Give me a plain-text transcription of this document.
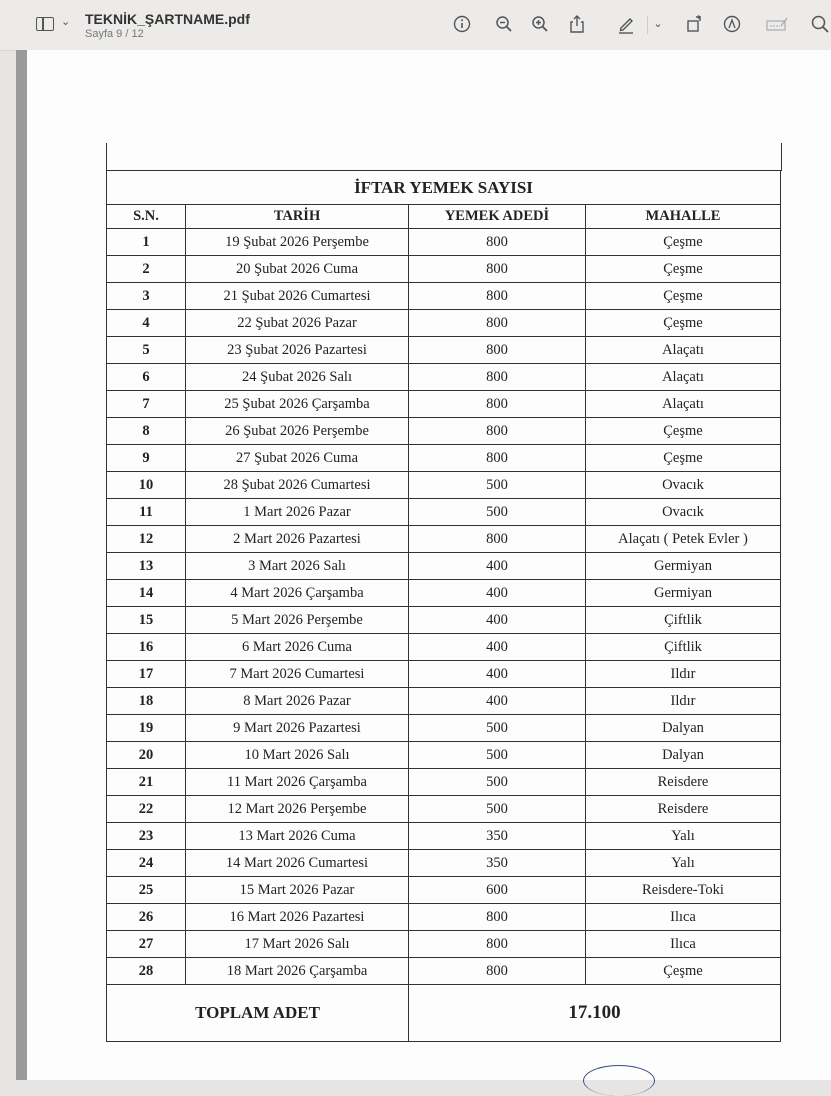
⌄ TEKNİK_ŞARTNAME.pdf
Sayfa 9 / 12
⌄
İFTAR YEMEK SAYISI			
S.N.	TARİH	YEMEK ADEDİ	MAHALLE
1	19 Şubat 2026 Perşembe	800	Çeşme
2	20 Şubat 2026 Cuma	800	Çeşme
3	21 Şubat 2026 Cumartesi	800	Çeşme
4	22 Şubat 2026 Pazar	800	Çeşme
5	23 Şubat 2026 Pazartesi	800	Alaçatı
6	24 Şubat 2026 Salı	800	Alaçatı
7	25 Şubat 2026 Çarşamba	800	Alaçatı
8	26 Şubat 2026 Perşembe	800	Çeşme
9	27 Şubat 2026 Cuma	800	Çeşme
10	28 Şubat 2026 Cumartesi	500	Ovacık
11	1 Mart 2026 Pazar	500	Ovacık
12	2 Mart 2026 Pazartesi	800	Alaçatı ( Petek Evler )
13	3 Mart 2026 Salı	400	Germiyan
14	4 Mart 2026 Çarşamba	400	Germiyan
15	5 Mart 2026 Perşembe	400	Çiftlik
16	6 Mart 2026 Cuma	400	Çiftlik
17	7 Mart 2026 Cumartesi	400	Ildır
18	8 Mart 2026 Pazar	400	Ildır
19	9 Mart 2026 Pazartesi	500	Dalyan
20	10 Mart 2026 Salı	500	Dalyan
21	11 Mart 2026 Çarşamba	500	Reisdere
22	12 Mart 2026 Perşembe	500	Reisdere
23	13 Mart 2026 Cuma	350	Yalı
24	14 Mart 2026 Cumartesi	350	Yalı
25	15 Mart 2026 Pazar	600	Reisdere-Toki
26	16 Mart 2026 Pazartesi	800	Ilıca
27	17 Mart 2026 Salı	800	Ilıca
28	18 Mart 2026 Çarşamba	800	Çeşme
TOPLAM ADET		17.100	
